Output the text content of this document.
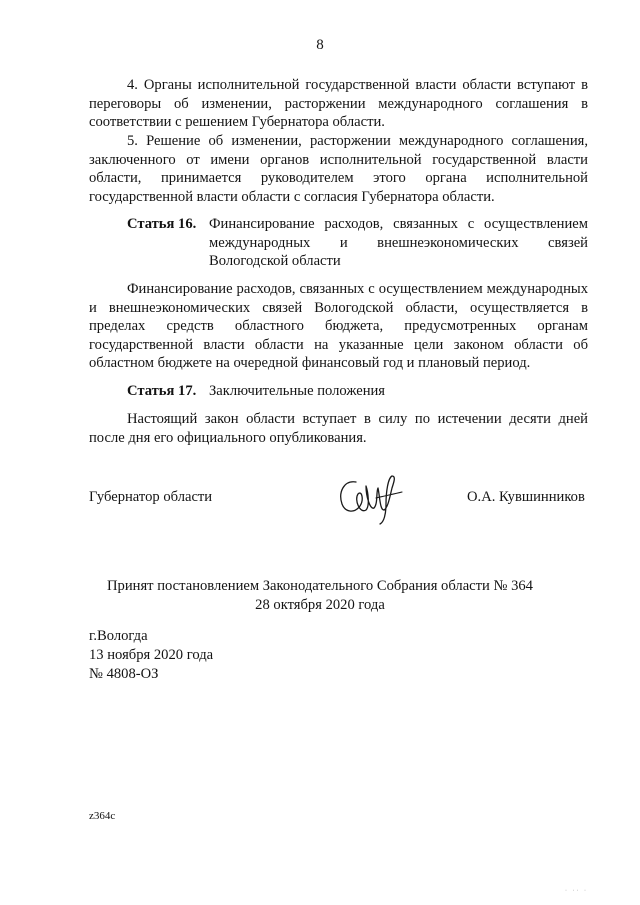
8

4. Органы исполнительной государственной власти области вступают в переговоры об изменении, расторжении международного соглашения в соответствии с решением Губернатора области.

5. Решение об изменении, расторжении международного соглашения, заключенного от имени органов исполнительной государственной власти области, принимается руководителем этого органа исполнительной государственной власти области с согласия Губернатора области.

Статья 16. Финансирование расходов, связанных с осуществлением международных и внешнеэкономических связей Вологодской области

Финансирование расходов, связанных с осуществлением международных и внешнеэкономических связей Вологодской области, осуществляется в пределах средств областного бюджета, предусмотренных органам государственной власти области на указанные цели законом области об областном бюджете на очередной финансовый год и плановый период.

Статья 17. Заключительные положения

Настоящий закон области вступает в силу по истечении десяти дней после дня его официального опубликования.

Губернатор области	О.А. Кувшинников
Принят постановлением Законодательного Собрания области № 364
28 октября 2020 года
г.Вологда
13 ноября 2020 года
№ 4808-ОЗ
z364c
· ·· ·
